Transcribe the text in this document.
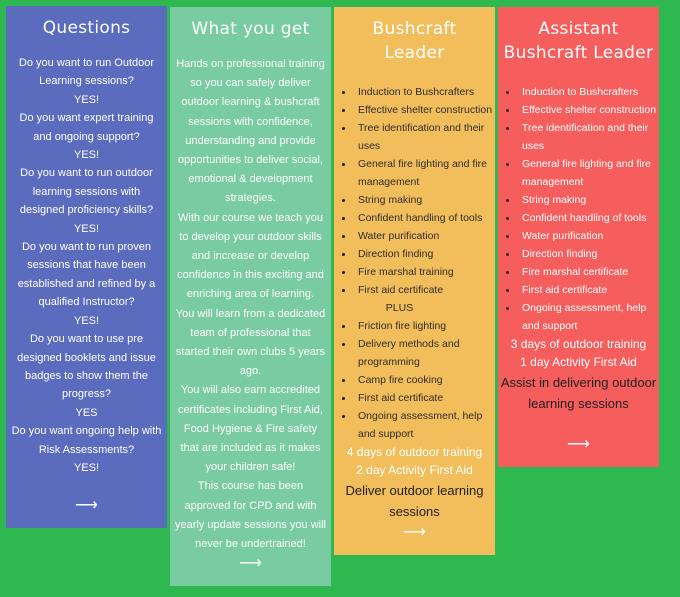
Questions
Do you want to run Outdoor Learning sessions?
YES!
Do you want expert training and ongoing support?
YES!
Do you want to run outdoor learning sessions with designed proficiency skills?
YES!
Do you want to run proven sessions that have been established and refined by a qualified Instructor?
YES!
Do you want to use pre designed booklets and issue badges to show them the progress?
YES
Do you want ongoing help with Risk Assessments?
YES!
⟶
What you get
Hands on professional training so you can safely deliver outdoor learning & bushcraft sessions with confidence, understanding and provide opportunities to deliver social, emotional & development strategies.
With our course we teach you to develop your outdoor skills and increase or develop confidence in this exciting and enriching area of learning.
You will learn from a dedicated team of professional that started their own clubs 5 years ago.
You will also earn accredited certificates including First Aid, Food Hygiene & Fire safety that are included as it makes your children safe!
This course has been approved for CPD and with yearly update sessions you will never be undertrained!
⟶
Bushcraft
Leader
Induction to Bushcrafters
Effective shelter construction
Tree identification and their uses
General fire lighting and fire management
String making
Confident handling of tools
Water purification
Direction finding
Fire marshal training
First aid certificate
PLUS
Friction fire lighting
Delivery methods and programming
Camp fire cooking
First aid certificate
Ongoing assessment, help and support
4 days of outdoor training
2 day Activity First Aid
Deliver outdoor learning sessions
⟶
Assistant
Bushcraft Leader
Induction to Bushcrafters
Effective shelter construction
Tree identification and their uses
General fire lighting and fire management
String making
Confident handling of tools
Water purification
Direction finding
Fire marshal certificate
First aid certificate
Ongoing assessment, help and support
3 days of outdoor training
1 day Activity First Aid
Assist in delivering outdoor learning sessions
⟶
